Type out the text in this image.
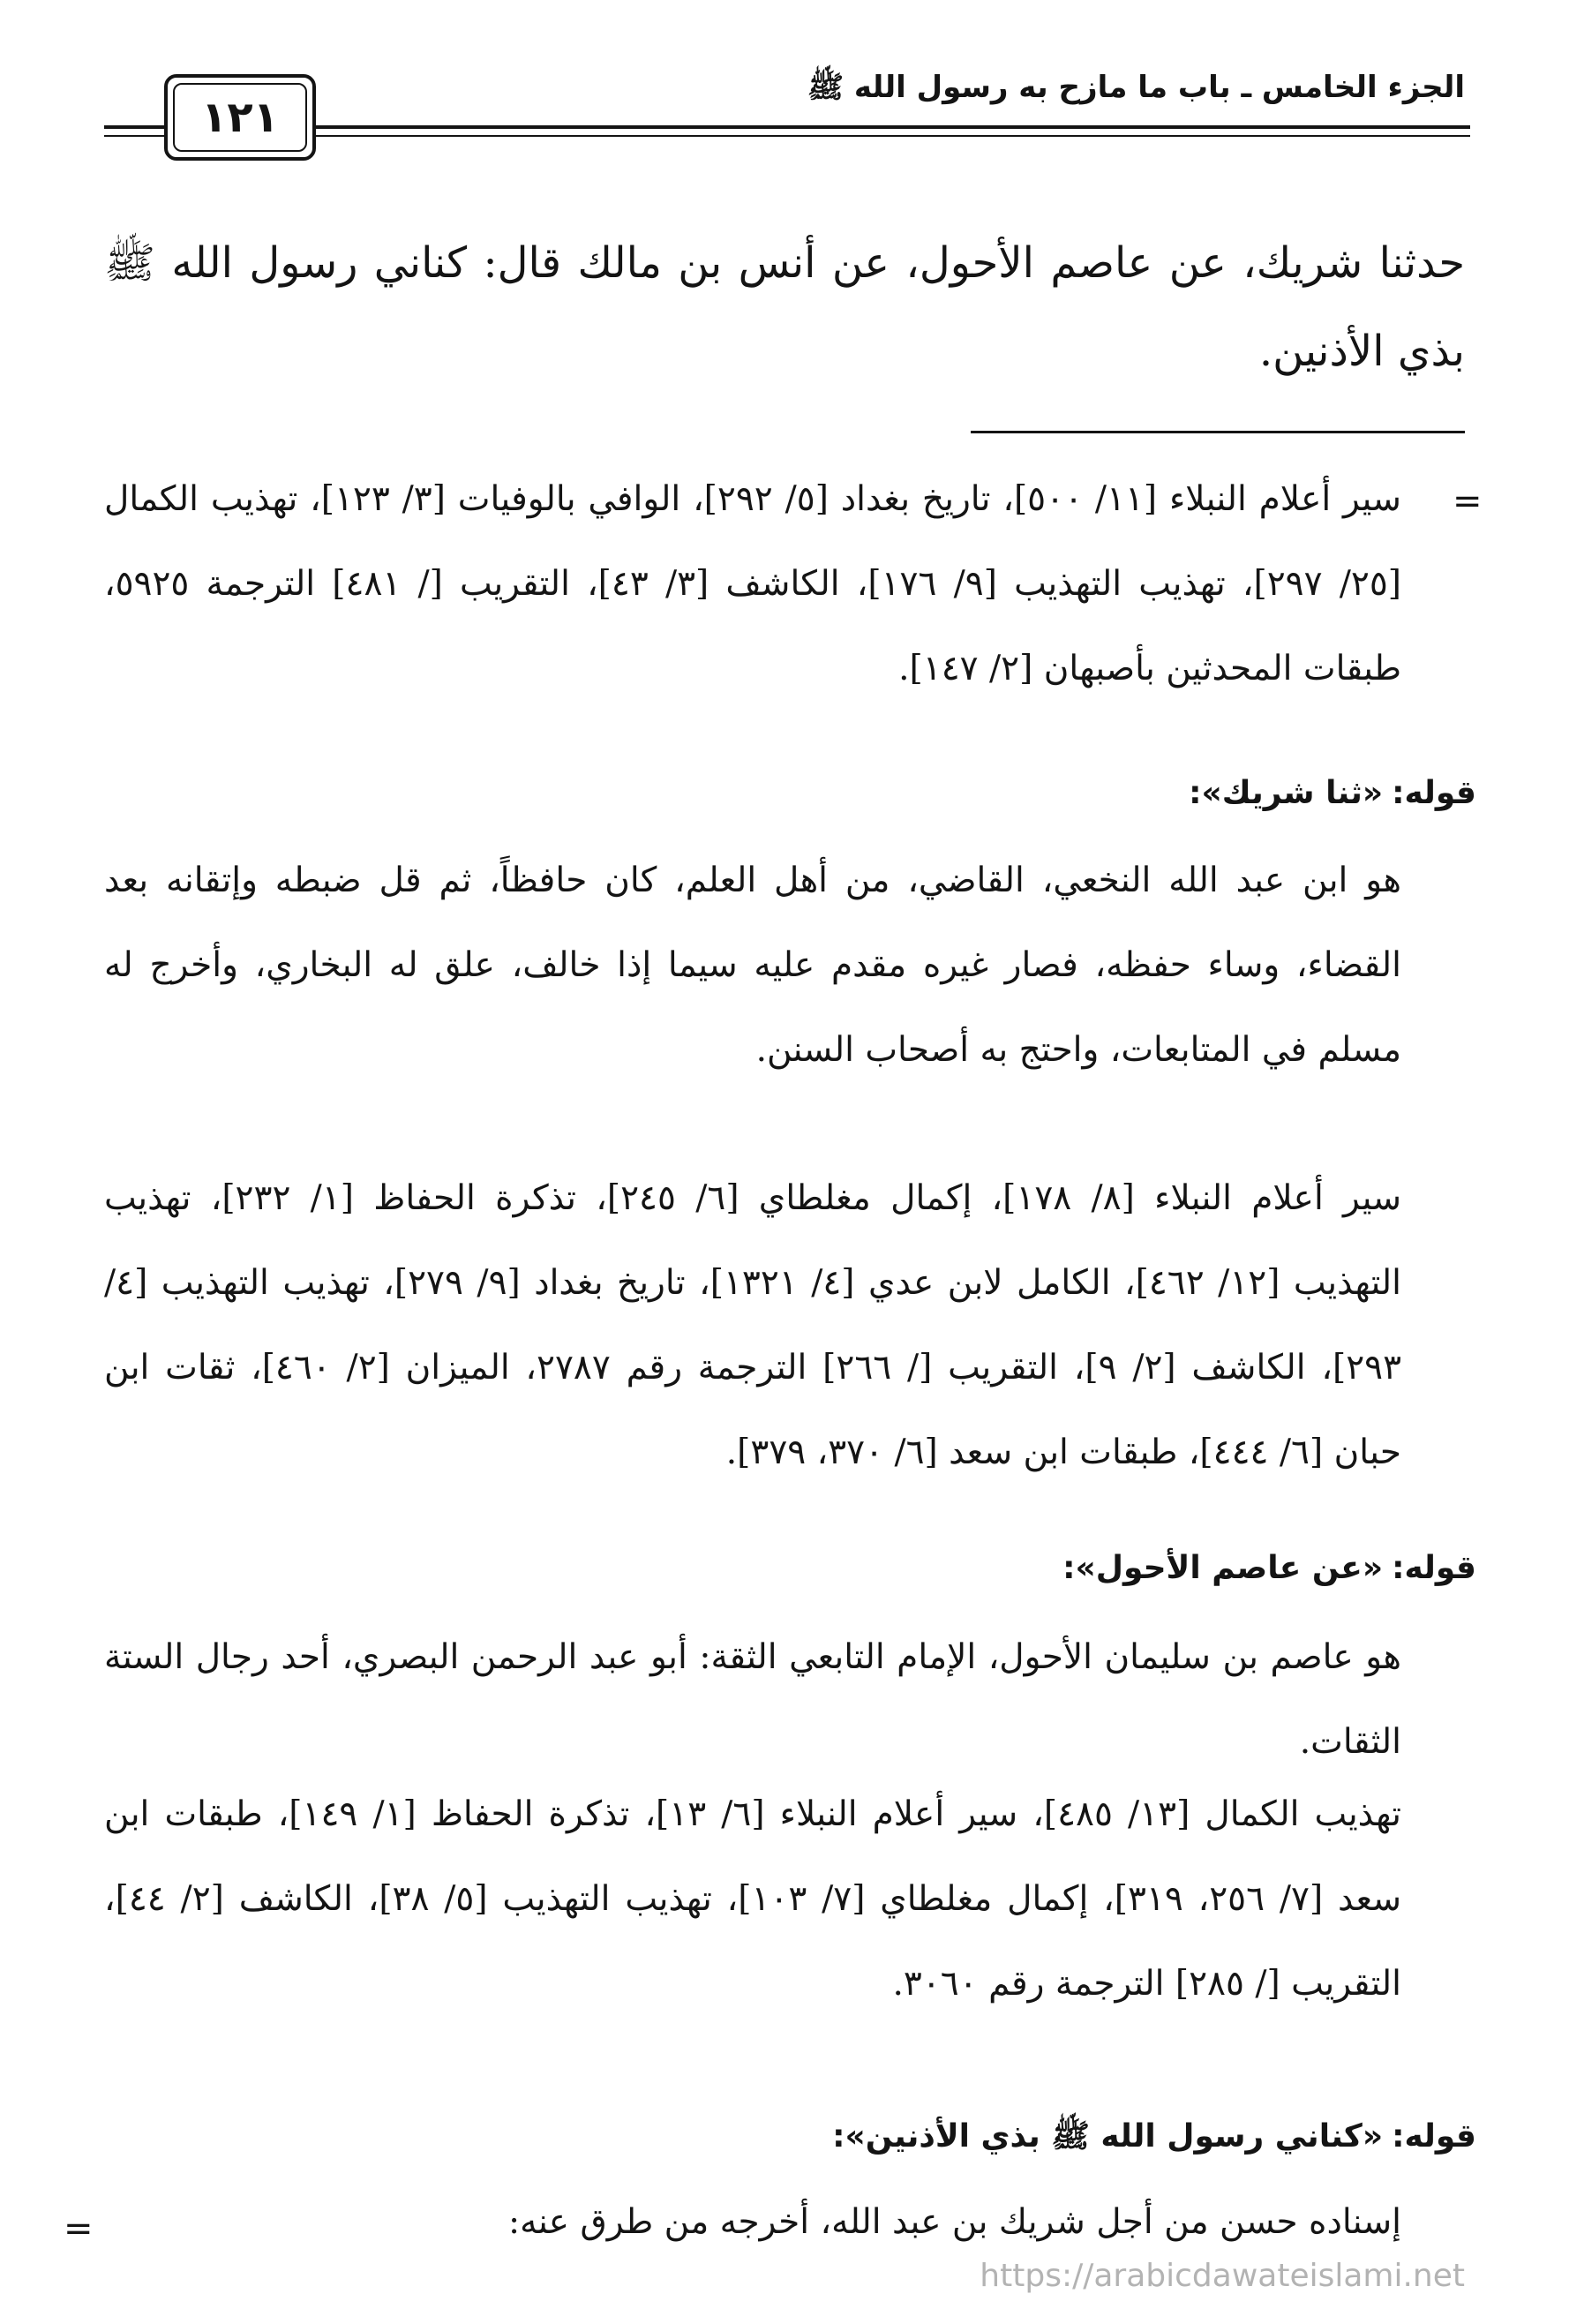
الجزء الخامس ـ باب ما مازح به رسول الله ﷺ
١٢١
حدثنا شريك، عن عاصم الأحول، عن أنس بن مالك قال: كناني رسول الله ﷺ بذي الأذنين.
=
سير أعلام النبلاء [١١/ ٥٠٠]، تاريخ بغداد [٥/ ٢٩٢]، الوافي بالوفيات [٣/ ١٢٣]، تهذيب الكمال [٢٥/ ٢٩٧]، تهذيب التهذيب [٩/ ١٧٦]، الكاشف [٣/ ٤٣]، التقريب [/ ٤٨١] الترجمة ٥٩٢٥، طبقات المحدثين بأصبهان [٢/ ١٤٧].
قوله:«ثنا شريك»:
هو ابن عبد الله النخعي، القاضي، من أهل العلم، كان حافظاً، ثم قل ضبطه وإتقانه بعد القضاء، وساء حفظه، فصار غيره مقدم عليه سيما إذا خالف، علق له البخاري، وأخرج له مسلم في المتابعات، واحتج به أصحاب السنن.
سير أعلام النبلاء [٨/ ١٧٨]، إكمال مغلطاي [٦/ ٢٤٥]، تذكرة الحفاظ [١/ ٢٣٢]، تهذيب التهذيب [١٢/ ٤٦٢]، الكامل لابن عدي [٤/ ١٣٢١]، تاريخ بغداد [٩/ ٢٧٩]، تهذيب التهذيب [٤/ ٢٩٣]، الكاشف [٢/ ٩]، التقريب [/ ٢٦٦] الترجمة رقم ٢٧٨٧، الميزان [٢/ ٤٦٠]، ثقات ابن حبان [٦/ ٤٤٤]، طبقات ابن سعد [٦/ ٣٧٠، ٣٧٩].
قوله:«عن عاصم الأحول»:
هو عاصم بن سليمان الأحول، الإمام التابعي الثقة: أبو عبد الرحمن البصري، أحد رجال الستة الثقات.
تهذيب الكمال [١٣/ ٤٨٥]، سير أعلام النبلاء [٦/ ١٣]، تذكرة الحفاظ [١/ ١٤٩]، طبقات ابن سعد [٧/ ٢٥٦، ٣١٩]، إكمال مغلطاي [٧/ ١٠٣]، تهذيب التهذيب [٥/ ٣٨]، الكاشف [٢/ ٤٤]، التقريب [/ ٢٨٥] الترجمة رقم ٣٠٦٠.
قوله:«كناني رسول الله ﷺ بذي الأذنين»:
إسناده حسن من أجل شريك بن عبد الله، أخرجه من طرق عنه:
=
https://arabicdawateislami.net
